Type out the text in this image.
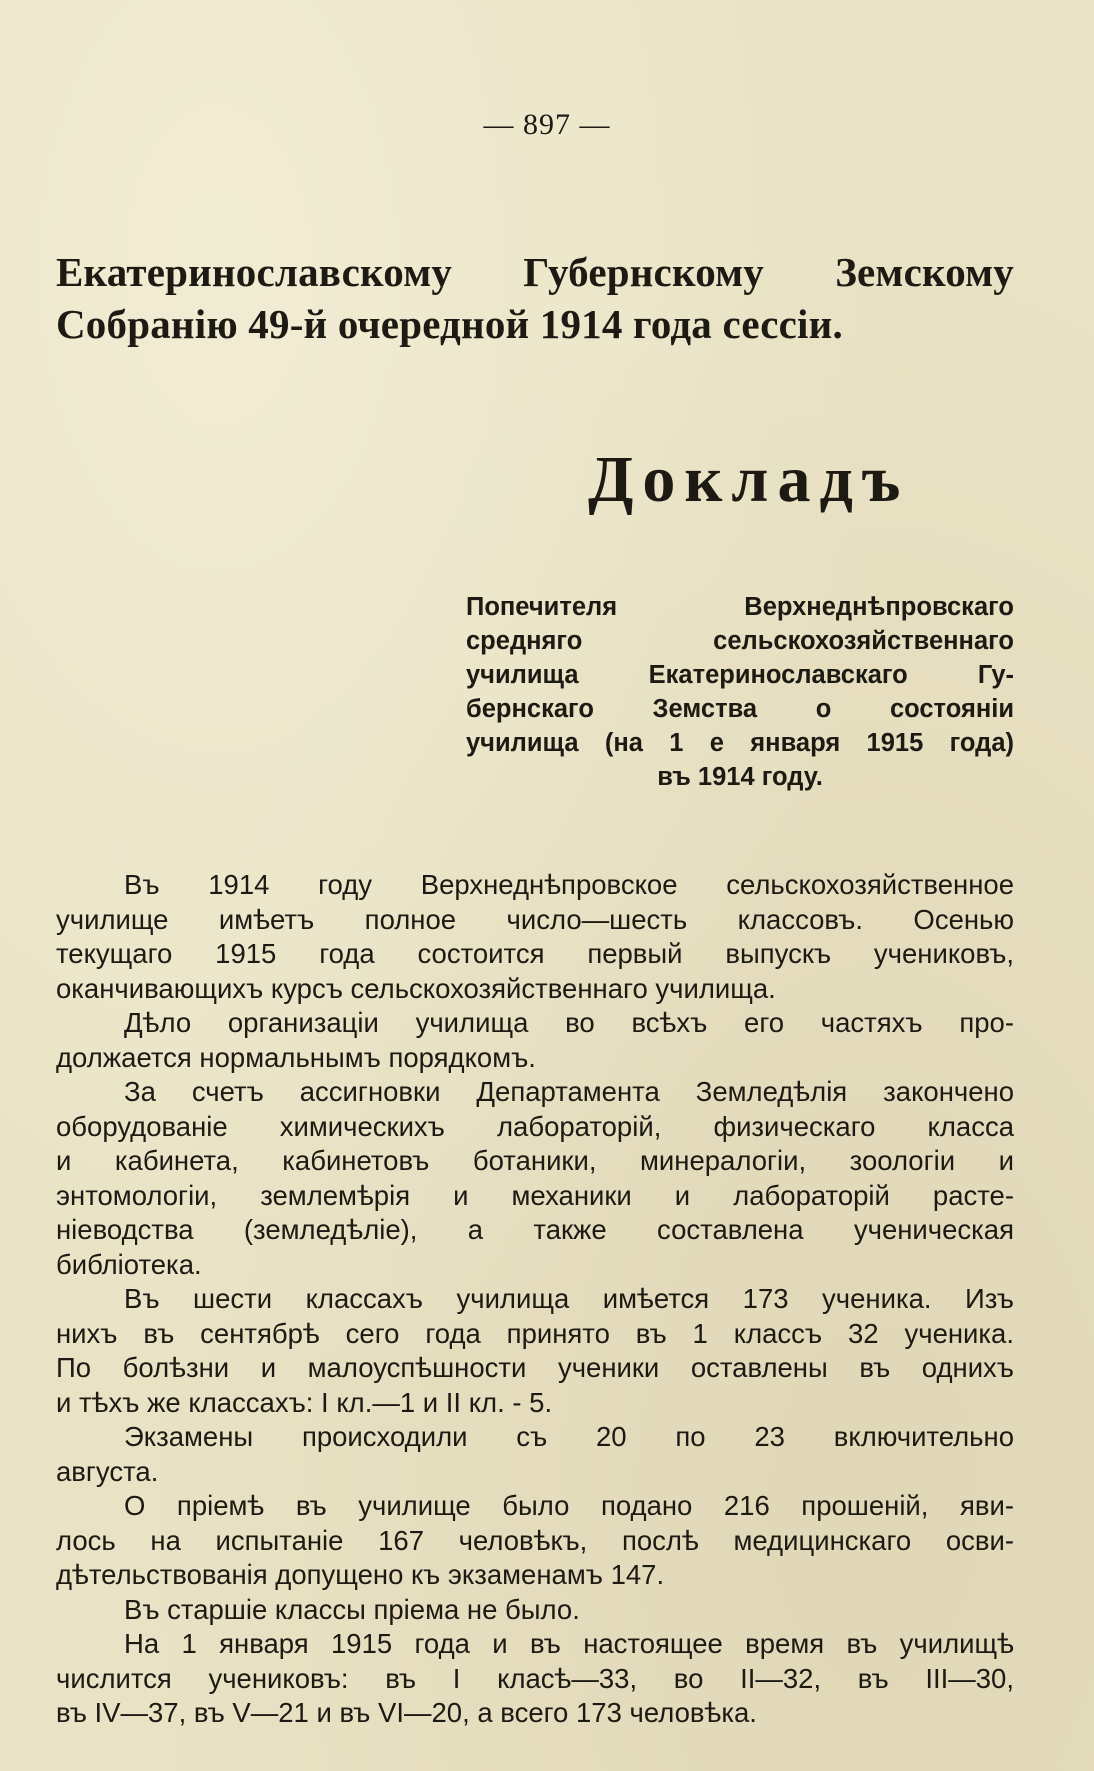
— 897 —
Екатеринославскому Губернскому Земскому Собранію 49-й очередной 1914 года сессіи.
Докладъ
Попечителя Верхнеднѣпровскаго
средняго сельскохозяйственнаго
училища Екатеринославскаго Гу-
бернскаго Земства о состояніи
училища (на 1 е января 1915 года)
въ 1914 году.
Въ 1914 году Верхнеднѣпровское сельскохозяйственное
училище имѣетъ полное число—шесть классовъ. Осенью
текущаго 1915 года состоится первый выпускъ учениковъ,
оканчивающихъ курсъ сельскохозяйственнаго училища.
Дѣло организаціи училища во всѣхъ его частяхъ про-
должается нормальнымъ порядкомъ.
За счетъ ассигновки Департамента Земледѣлія закончено
оборудованіе химическихъ лабораторій, физическаго класса
и кабинета, кабинетовъ ботаники, минералогіи, зоологіи и
энтомологіи, землемѣрія и механики и лабораторій расте-
ніеводства (земледѣліе), а также составлена ученическая
библіотека.
Въ шести классахъ училища имѣется 173 ученика. Изъ
нихъ въ сентябрѣ сего года принято въ 1 классъ 32 ученика.
По болѣзни и малоуспѣшности ученики оставлены въ однихъ
и тѣхъ же классахъ: I кл.—1 и II кл. - 5.
Экзамены происходили съ 20 по 23 включительно
августа.
О пріемѣ въ училище было подано 216 прошеній, яви-
лось на испытаніе 167 человѣкъ, послѣ медицинскаго осви-
дѣтельствованія допущено къ экзаменамъ 147.
Въ старшіе классы пріема не было.
На 1 января 1915 года и въ настоящее время въ училищѣ
числится учениковъ: въ I класѣ—33, во II—32, въ III—30,
въ IV—37, въ V—21 и въ VI—20, а всего 173 человѣка.
